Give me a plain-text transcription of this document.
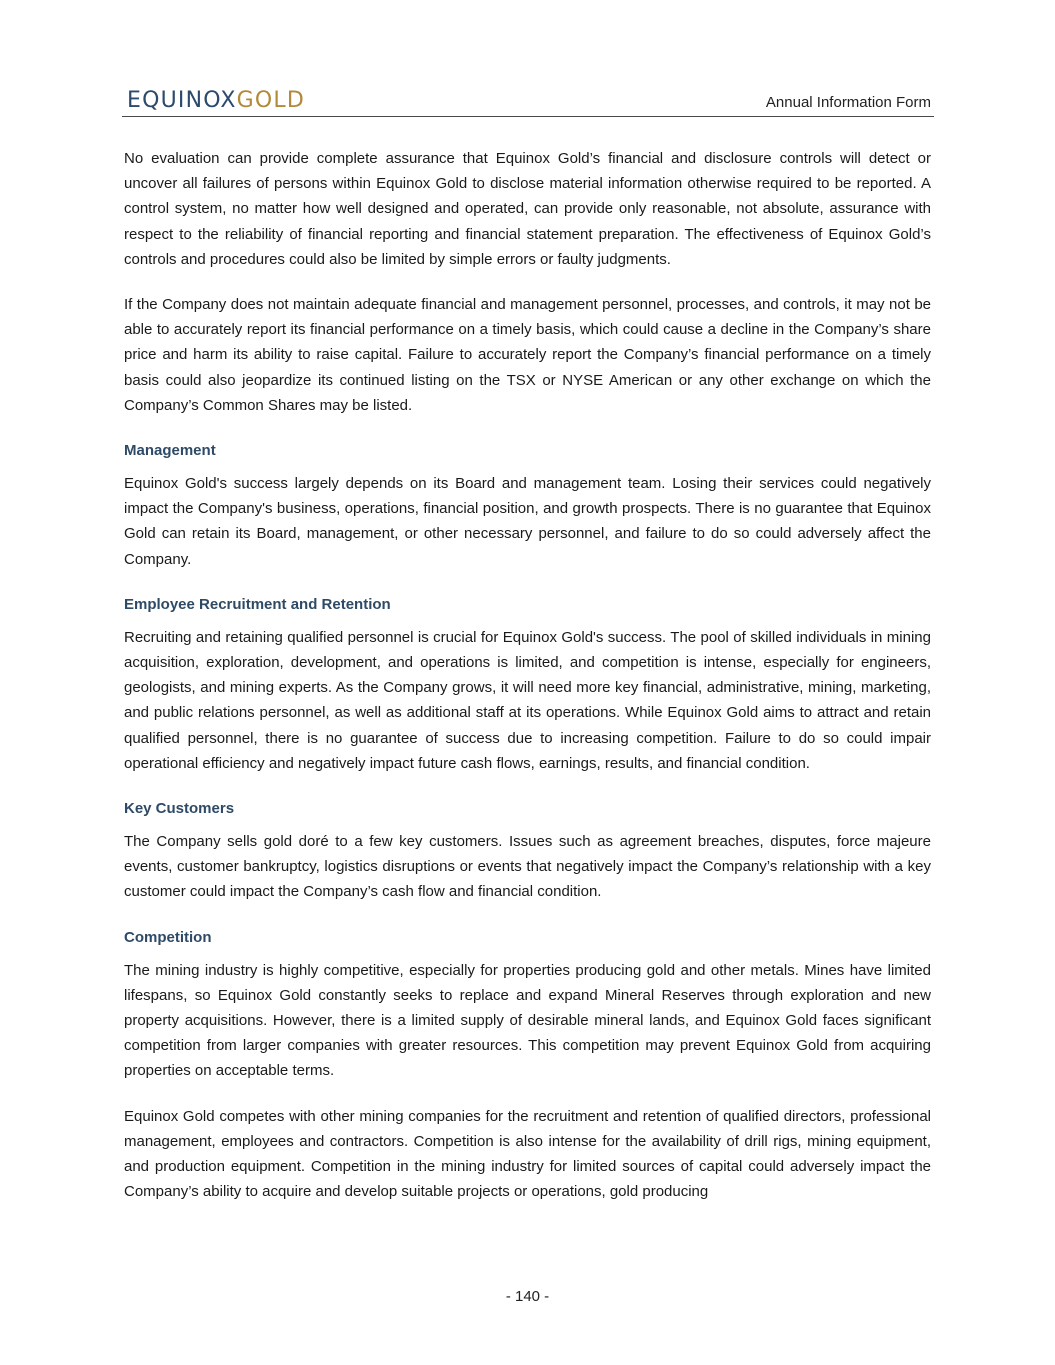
EQUINOXGOLD	Annual Information Form

No evaluation can provide complete assurance that Equinox Gold’s financial and disclosure controls will detect or uncover all failures of persons within Equinox Gold to disclose material information otherwise required to be reported. A control system, no matter how well designed and operated, can provide only reasonable, not absolute, assurance with respect to the reliability of financial reporting and financial statement preparation. The effectiveness of Equinox Gold’s controls and procedures could also be limited by simple errors or faulty judgments.

If the Company does not maintain adequate financial and management personnel, processes, and controls, it may not be able to accurately report its financial performance on a timely basis, which could cause a decline in the Company’s share price and harm its ability to raise capital. Failure to accurately report the Company’s financial performance on a timely basis could also jeopardize its continued listing on the TSX or NYSE American or any other exchange on which the Company’s Common Shares may be listed.

Management

Equinox Gold's success largely depends on its Board and management team. Losing their services could negatively impact the Company's business, operations, financial position, and growth prospects. There is no guarantee that Equinox Gold can retain its Board, management, or other necessary personnel, and failure to do so could adversely affect the Company.

Employee Recruitment and Retention

Recruiting and retaining qualified personnel is crucial for Equinox Gold's success. The pool of skilled individuals in mining acquisition, exploration, development, and operations is limited, and competition is intense, especially for engineers, geologists, and mining experts. As the Company grows, it will need more key financial, administrative, mining, marketing, and public relations personnel, as well as additional staff at its operations. While Equinox Gold aims to attract and retain qualified personnel, there is no guarantee of success due to increasing competition. Failure to do so could impair operational efficiency and negatively impact future cash flows, earnings, results, and financial condition.

Key Customers

The Company sells gold doré to a few key customers. Issues such as agreement breaches, disputes, force majeure events, customer bankruptcy, logistics disruptions or events that negatively impact the Company’s relationship with a key customer could impact the Company’s cash flow and financial condition.

Competition

The mining industry is highly competitive, especially for properties producing gold and other metals. Mines have limited lifespans, so Equinox Gold constantly seeks to replace and expand Mineral Reserves through exploration and new property acquisitions. However, there is a limited supply of desirable mineral lands, and Equinox Gold faces significant competition from larger companies with greater resources. This competition may prevent Equinox Gold from acquiring properties on acceptable terms.

Equinox Gold competes with other mining companies for the recruitment and retention of qualified directors, professional management, employees and contractors. Competition is also intense for the availability of drill rigs, mining equipment, and production equipment. Competition in the mining industry for limited sources of capital could adversely impact the Company’s ability to acquire and develop suitable projects or operations, gold producing

- 140 -
